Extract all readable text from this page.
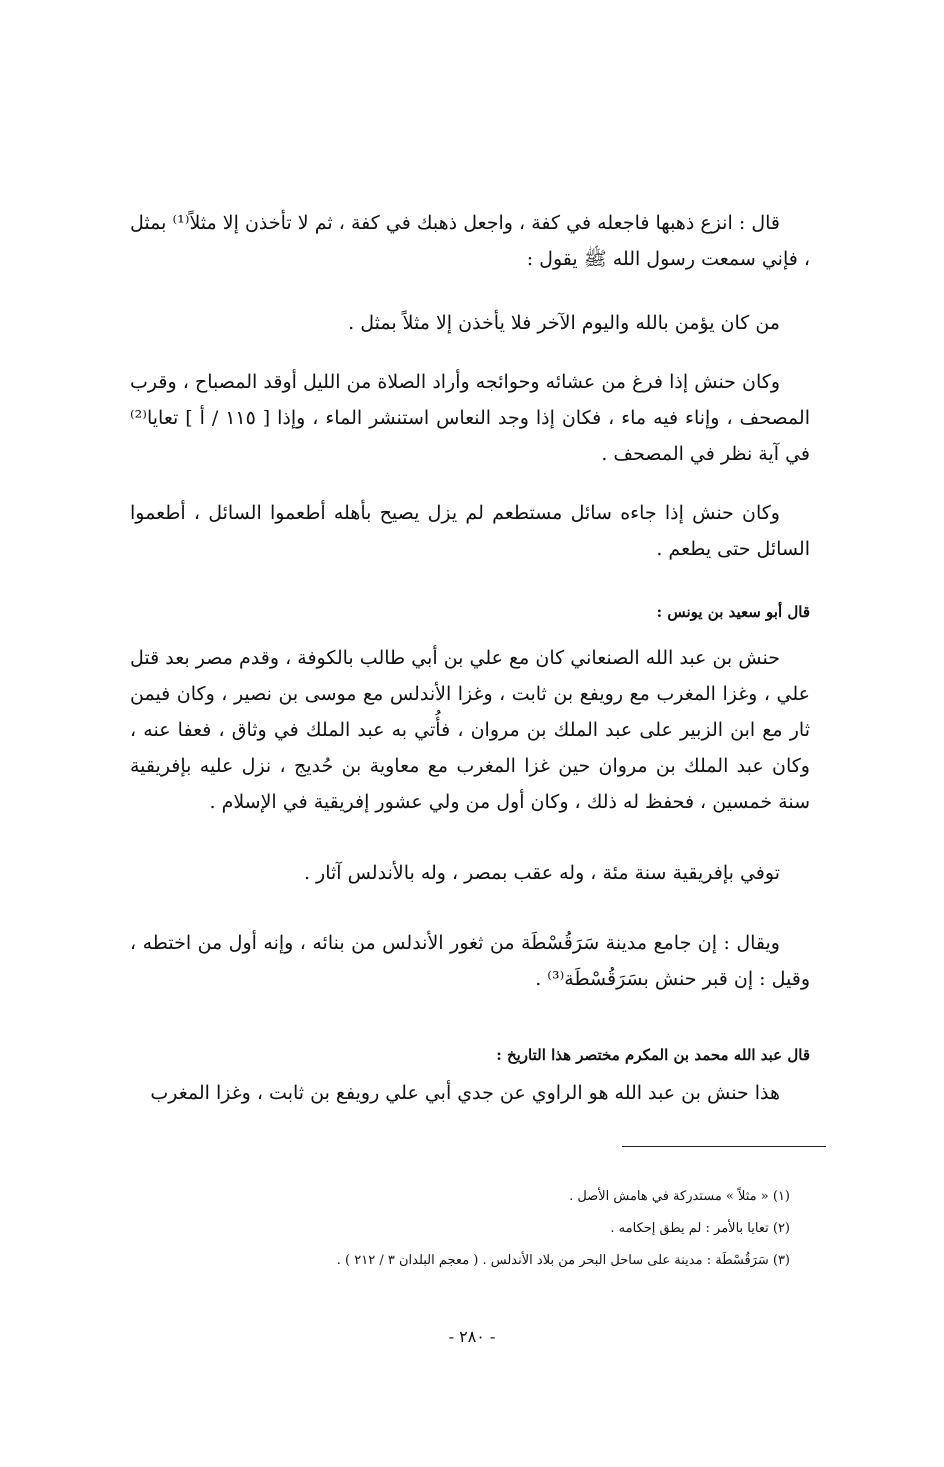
قال : انزع ذهبها فاجعله في كفة ، واجعل ذهبك في كفة ، ثم لا تأخذن إلا مثلاً⁽¹⁾ بمثل ، فإني سمعت رسول الله ﷺ يقول :
من كان يؤمن بالله واليوم الآخر فلا يأخذن إلا مثلاً بمثل .
وكان حنش إذا فرغ من عشائه وحوائجه وأراد الصلاة من الليل أوقد المصباح ، وقرب المصحف ، وإناء فيه ماء ، فكان إذا وجد النعاس استنشر الماء ، وإذا [ ١١٥ / أ ] تعايا⁽²⁾ في آية نظر في المصحف .
وكان حنش إذا جاءه سائل مستطعم لم يزل يصيح بأهله أطعموا السائل ، أطعموا السائل حتى يطعم .
قال أبو سعيد بن يونس :
حنش بن عبد الله الصنعاني كان مع علي بن أبي طالب بالكوفة ، وقدم مصر بعد قتل علي ، وغزا المغرب مع رويفع بن ثابت ، وغزا الأندلس مع موسى بن نصير ، وكان فيمن ثار مع ابن الزبير على عبد الملك بن مروان ، فأُتي به عبد الملك في وثاق ، فعفا عنه ، وكان عبد الملك بن مروان حين غزا المغرب مع معاوية بن حُديج ، نزل عليه بإفريقية سنة خمسين ، فحفظ له ذلك ، وكان أول من ولي عشور إفريقية في الإسلام .
توفي بإفريقية سنة مئة ، وله عقب بمصر ، وله بالأندلس آثار .
ويقال : إن جامع مدينة سَرَقُسْطَة من ثغور الأندلس من بنائه ، وإنه أول من اختطه ، وقيل : إن قبر حنش بسَرَقُسْطَة⁽³⁾ .
قال عبد الله محمد بن المكرم مختصر هذا التاريخ :
هذا حنش بن عبد الله هو الراوي عن جدي أبي علي رويفع بن ثابت ، وغزا المغرب
(١) « مثلاً » مستدركة في هامش الأصل .
(٢) تعايا بالأمر : لم يطق إحكامه .
(٣) سَرَقُسْطَة : مدينة على ساحل البحر من بلاد الأندلس . ( معجم البلدان ٣ / ٢١٢ ) .
- ٢٨٠ -
